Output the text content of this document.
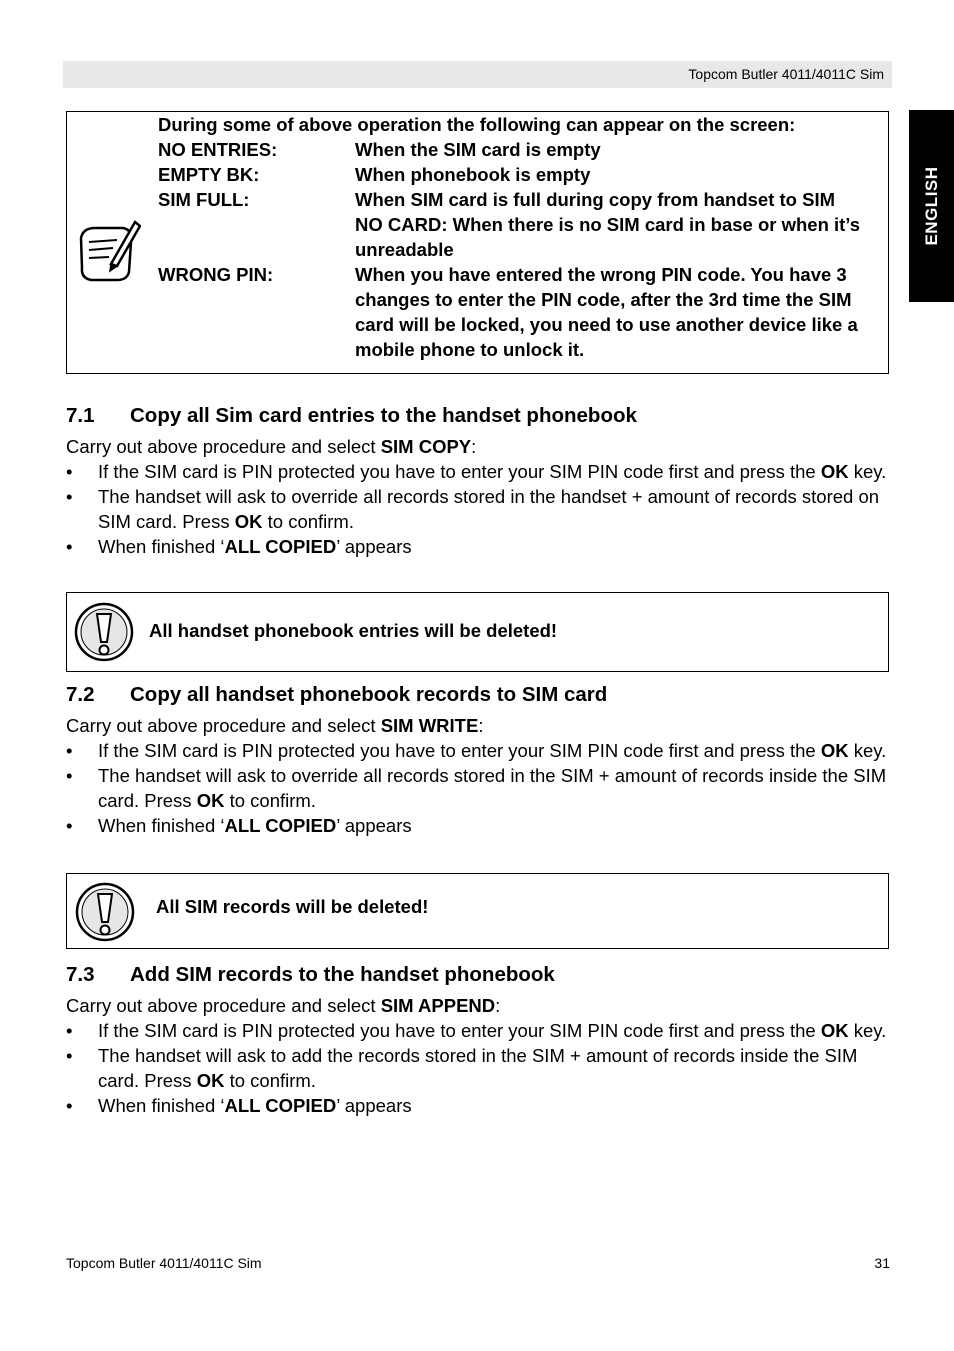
Topcom Butler 4011/4011C Sim
ENGLISH
During some of above operation the following can appear on the screen:
NO ENTRIES:	When the SIM card is empty
EMPTY BK:	When phonebook is empty
SIM FULL:	When SIM card is full during copy from handset to SIM
NO CARD: When there is no SIM card in base or when it’s unreadable
WRONG PIN:	When you have entered the wrong PIN code. You have 3 changes to enter the PIN code, after the 3rd time the SIM card will be locked, you need to use another device like a mobile phone to unlock it.
7.1	Copy all Sim card entries to the handset phonebook

Carry out above procedure and select SIM COPY:

• If the SIM card is PIN protected you have to enter your SIM PIN code first and press the OK key.
• The handset will ask to override all records stored in the handset + amount of records stored on SIM card. Press OK to confirm.
• When finished ‘ALL COPIED’ appears
All handset phonebook entries will be deleted!
7.2	Copy all handset phonebook records to SIM card

Carry out above procedure and select SIM WRITE:

• If the SIM card is PIN protected you have to enter your SIM PIN code first and press the OK key.
• The handset will ask to override all records stored in the SIM + amount of records inside the SIM card. Press OK to confirm.
• When finished ‘ALL COPIED’ appears
All SIM records will be deleted!
7.3	Add SIM records to the handset phonebook

Carry out above procedure and select SIM APPEND:

• If the SIM card is PIN protected you have to enter your SIM PIN code first and press the OK key.
• The handset will ask to add the records stored in the SIM + amount of records inside the SIM card. Press OK to confirm.
• When finished ‘ALL COPIED’ appears
Topcom Butler 4011/4011C Sim	31
